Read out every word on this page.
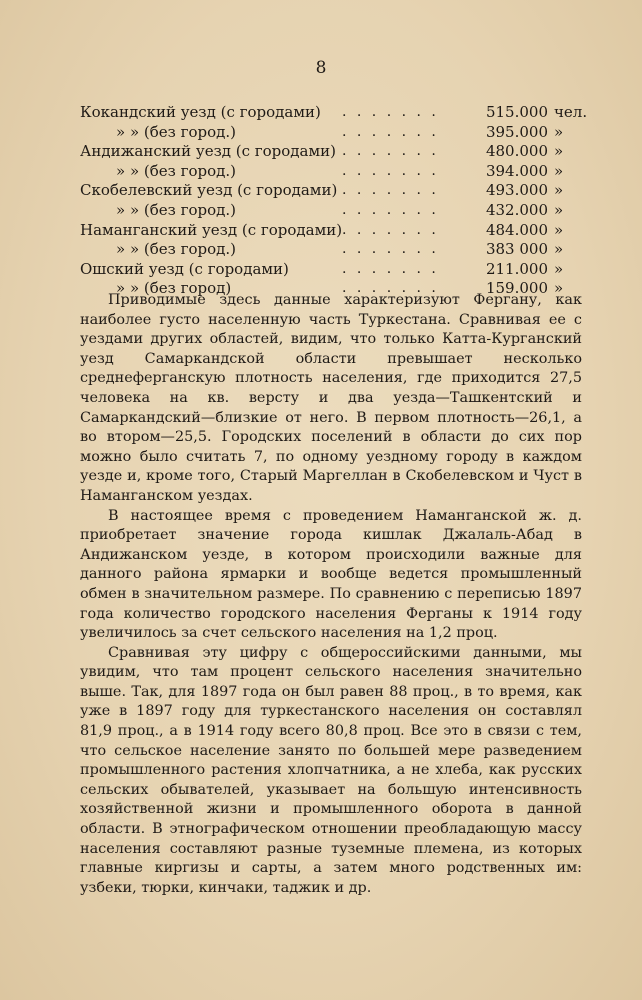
8
Кокандский уезд (с городами) . . . . . . .	515.000 чел.
» » (без город.)	. . . . . . .	395.000 »
Андижанский уезд (с городами) . . . . . . .	480.000 »
» » (без город.)	. . . . . . .	394.000 »
Скобелевский уезд (с городами) . . . . . . .	493.000 »
» » (без город.)	. . . . . . .	432.000 »
Наманганский уезд (с городами) . . . . . . .	484.000 »
» » (без город.)	. . . . . . .	383 000 »
Ошский уезд (с городами)	. . . . . . .	211.000 »
» » (без город)	. . . . . . .	159.000 »

Приводимые здесь данные характеризуют Фергану, как наиболее густо населенную часть Туркестана. Сравнивая ее с уездами других областей, видим, что только Катта-Курганский уезд Самаркандской области превышает несколько среднеферганскую плотность населения, где приходится 27,5 человека на кв. версту и два уезда—Ташкентский и Самаркандский—близкие от него. В первом плотность—26,1, а во втором—25,5. Городских поселений в области до сих пор можно было считать 7, по одному уездному городу в каждом уезде и, кроме того, Старый Маргеллан в Скобелевском и Чуст в Наманганском уездах.

В настоящее время с проведением Наманганской ж. д. приобретает значение города кишлак Джалаль-Абад в Андижанском уезде, в котором происходили важные для данного района ярмарки и вообще ведется промышленный обмен в значительном размере. По сравнению с переписью 1897 года количество городского населения Ферганы к 1914 году увеличилось за счет сельского населения на 1,2 проц.

Сравнивая эту цифру с общероссийскими данными, мы увидим, что там процент сельского населения значительно выше. Так, для 1897 года он был равен 88 проц., в то время, как уже в 1897 году для туркестанского населения он составлял 81,9 проц., а в 1914 году всего 80,8 проц. Все это в связи с тем, что сельское население занято по большей мере разведением промышленного растения хлопчатника, а не хлеба, как русских сельских обывателей, указывает на большую интенсивность хозяйственной жизни и промышленного оборота в данной области. В этнографическом отношении преобладающую массу населения составляют разные туземные племена, из которых главные киргизы и сарты, а затем много родственных им: узбеки, тюрки, кинчаки, таджик и др.
